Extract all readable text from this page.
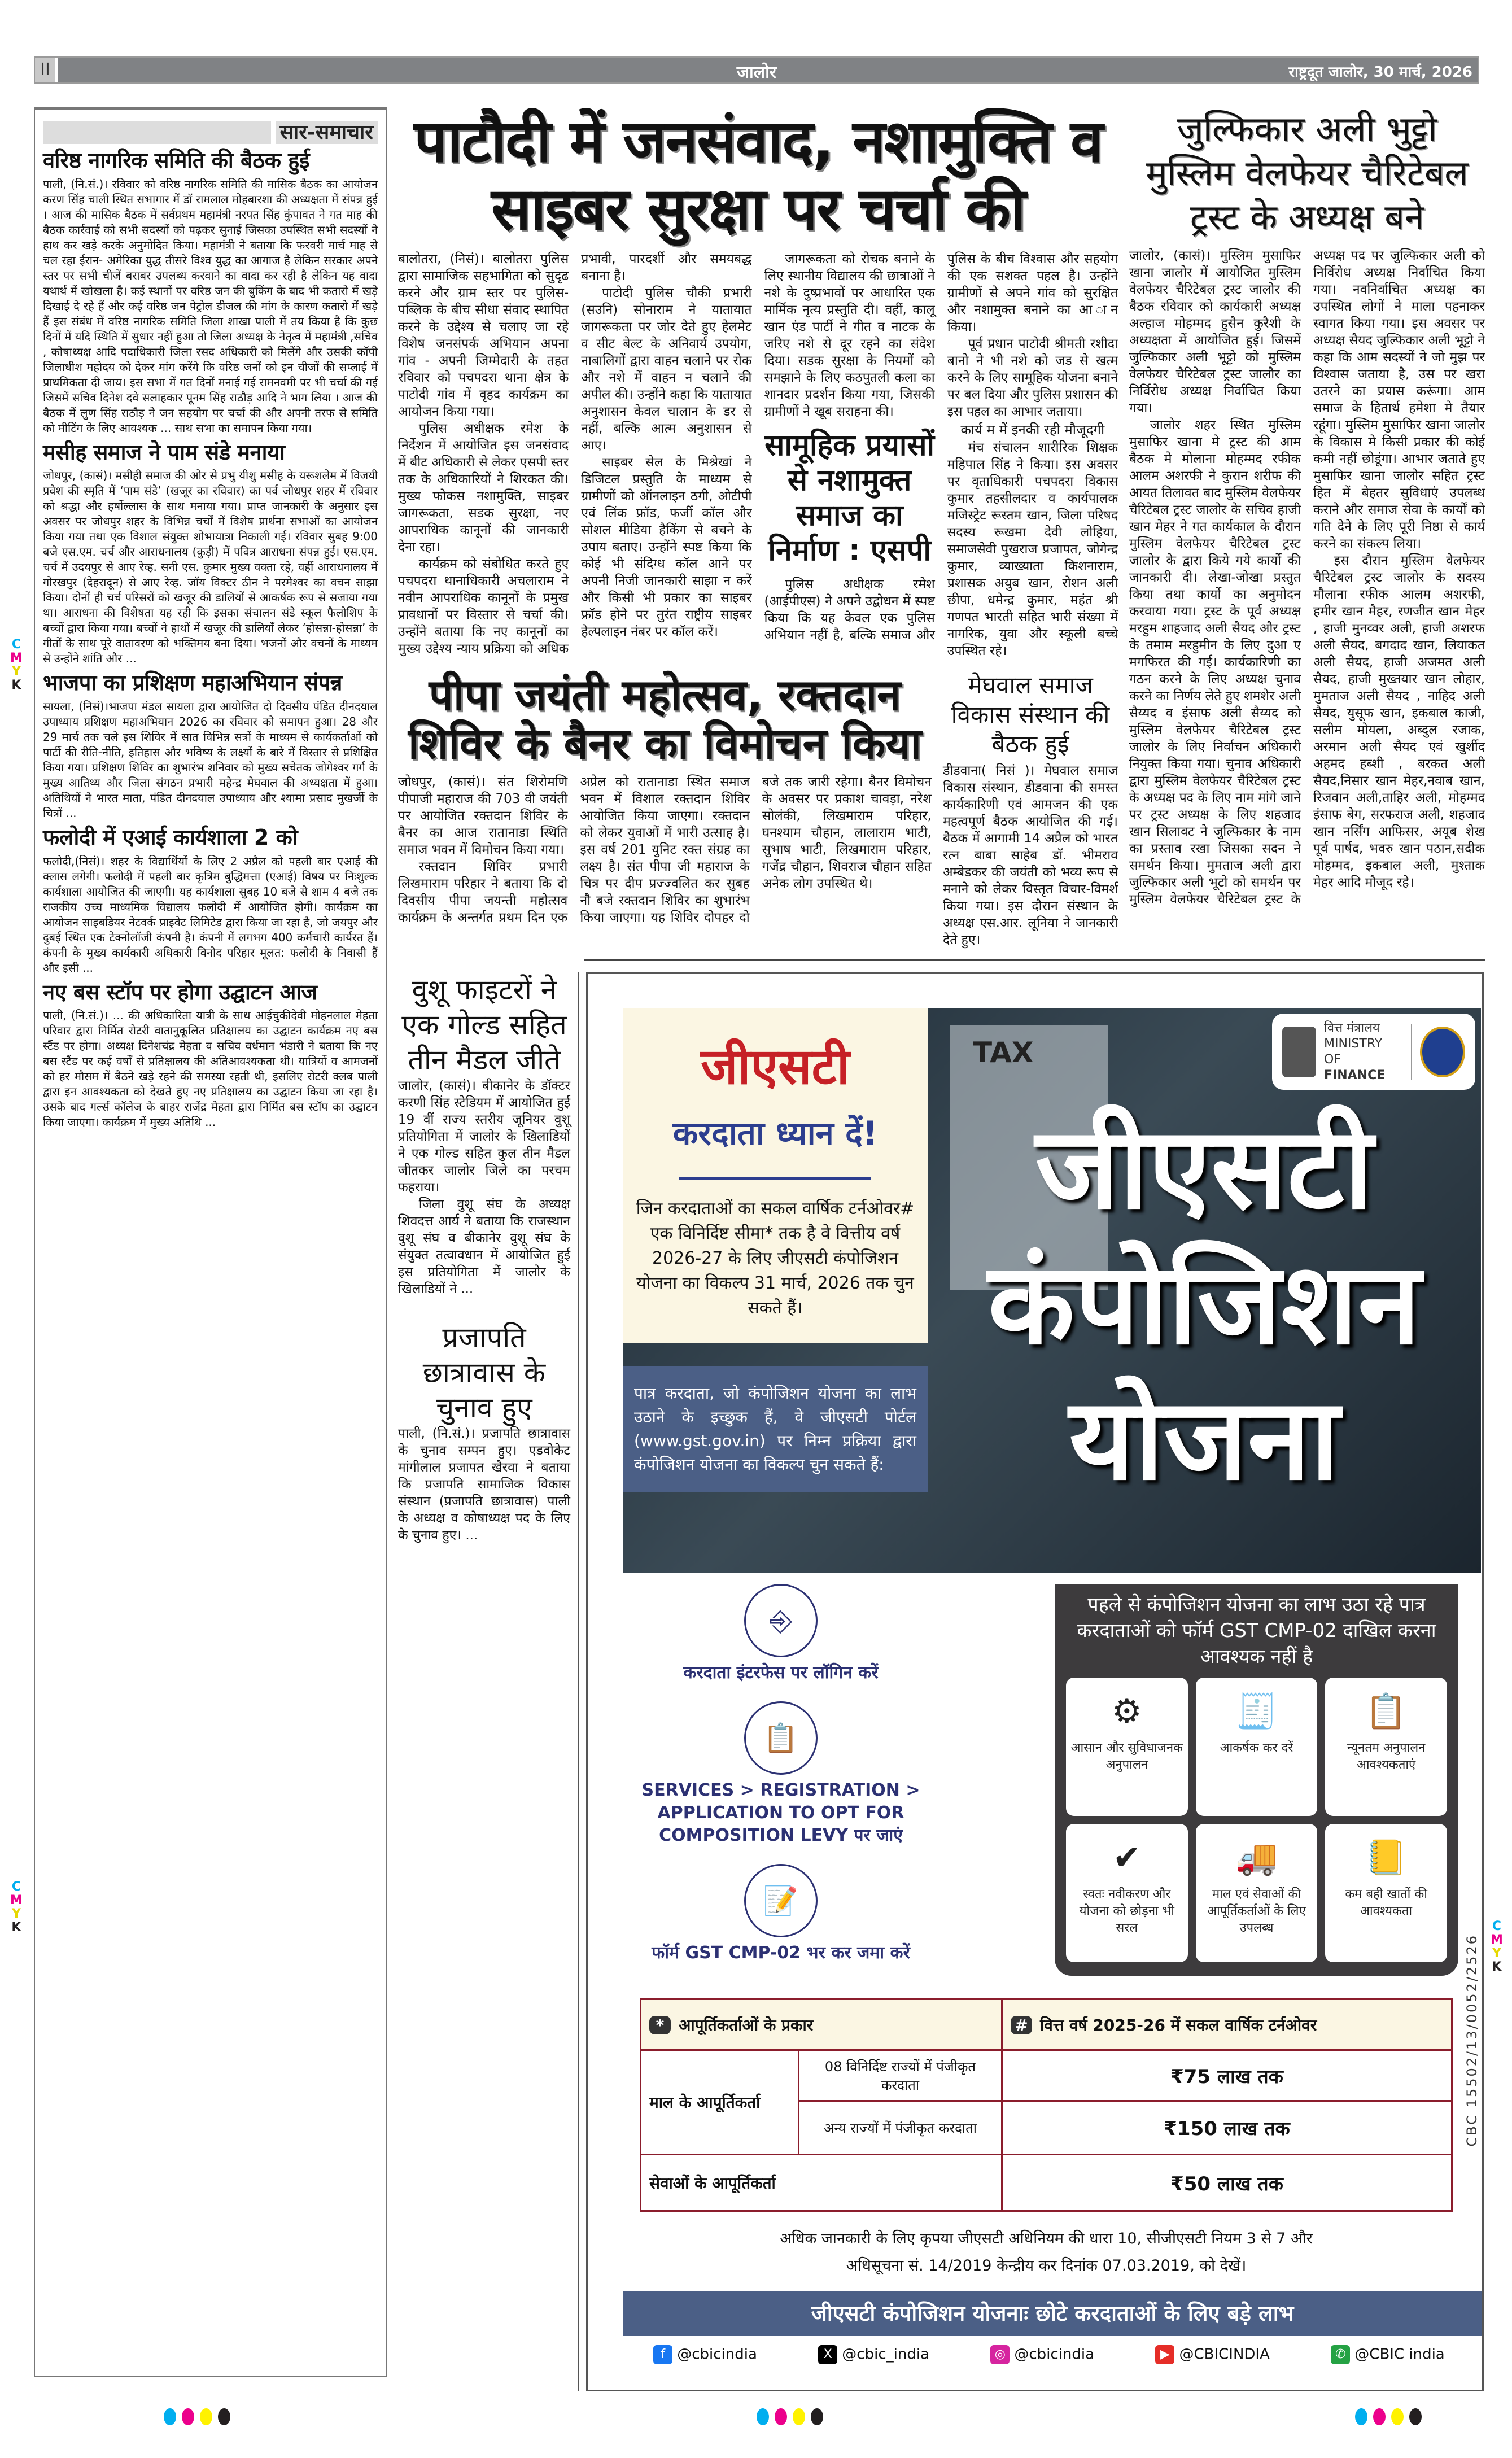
II	जालोर	राष्ट्रदूत जालोर, 30 मार्च, 2026
सार-समाचार
वरिष्ठ नागरिक समिति की बैठक हुई

पाली, (नि.सं.)। रविवार को वरिष्ठ नागरिक समिति की मासिक बैठक का आयोजन करण सिंह चाली स्थित सभागार में डॉ रामलाल मोहबारशा की अध्यक्षता में संपन्न हुई । आज की मासिक बैठक में सर्वप्रथम महामंत्री नरपत सिंह कुंपावत ने गत माह की बैठक कार्रवाई को सभी सदस्यों को पढ़कर सुनाई जिसका उपस्थित सभी सदस्यों ने हाथ कर खड़े करके अनुमोदित किया। महामंत्री ने बताया कि फरवरी मार्च माह से चल रहा ईरान- अमेरिका युद्ध तीसरे विश्व युद्ध का आगाज है लेकिन सरकार अपने स्तर पर सभी चीजें बराबर उपलब्ध करवाने का वादा कर रही है लेकिन यह वादा यथार्थ में खोखला है। कई स्थानों पर वरिष्ठ जन की बुकिंग के बाद भी कतारो में खड़े दिखाई दे रहे हैं और कई वरिष्ठ जन पेट्रोल डीजल की मांग के कारण कतारो में खड़े हैं इस संबंध में वरिष्ठ नागरिक समिति जिला शाखा पाली में तय किया है कि कुछ दिनों में यदि स्थिति में सुधार नहीं हुआ तो जिला अध्यक्ष के नेतृत्व में महामंत्री ,सचिव , कोषाध्यक्ष आदि पदाधिकारी जिला रसद अधिकारी को मिलेंगे और उसकी कॉपी जिलाधीश महोदय को देकर मांग करेंगे कि वरिष्ठ जनों को इन चीजों की सप्लाई में प्राथमिकता दी जाय। इस सभा में गत दिनों मनाई गई रामनवमी पर भी चर्चा की गई जिसमें सचिव दिनेश दवे सलाहकार पूनम सिंह राठौड़ आदि ने भाग लिया । आज की बैठक में लुण सिंह राठौड़ ने जन सहयोग पर चर्चा की और अपनी तरफ से समिति को मीटिंग के लिए आवश्यक ... साथ सभा का समापन किया गया।

मसीह समाज ने पाम संडे मनाया

जोधपुर, (कासं)। मसीही समाज की ओर से प्रभु यीशु मसीह के यरूशलेम में विजयी प्रवेश की स्मृति में ‘पाम संडे’ (खजूर का रविवार) का पर्व जोधपुर शहर में रविवार को श्रद्धा और हर्षोल्लास के साथ मनाया गया। प्राप्त जानकारी के अनुसार इस अवसर पर जोधपुर शहर के विभिन्न चर्चों में विशेष प्रार्थना सभाओं का आयोजन किया गया तथा एक विशाल संयुक्त शोभायात्रा निकाली गई। रविवार सुबह 9:00 बजे एस.एम. चर्च और आराधनालय (कुड़ी) में पवित्र आराधना संपन्न हुई। एस.एम. चर्च में उदयपुर से आए रेव्ह. सनी एस. कुमार मुख्य वक्ता रहे, वहीं आराधनालय में गोरखपुर (देहरादून) से आए रेव्ह. जॉय विक्टर ठीन ने परमेश्वर का वचन साझा किया। दोनों ही चर्च परिसरों को खजूर की डालियों से आकर्षक रूप से सजाया गया था। आराधना की विशेषता यह रही कि इसका संचालन संडे स्कूल फैलोशिप के बच्चों द्वारा किया गया। बच्चों ने हाथों में खजूर की डालियाँ लेकर ‘होसन्ना-होसन्ना’ के गीतों के साथ पूरे वातावरण को भक्तिमय बना दिया। भजनों और वचनों के माध्यम से उन्होंने शांति और ...

भाजपा का प्रशिक्षण महाअभियान संपन्न

सायला, (निसं)।भाजपा मंडल सायला द्वारा आयोजित दो दिवसीय पंडित दीनदयाल उपाध्याय प्रशिक्षण महाअभियान 2026 का रविवार को समापन हुआ। 28 और 29 मार्च तक चले इस शिविर में सात विभिन्न सत्रों के माध्यम से कार्यकर्ताओं को पार्टी की रीति-नीति, इतिहास और भविष्य के लक्ष्यों के बारे में विस्तार से प्रशिक्षित किया गया। प्रशिक्षण शिविर का शुभारंभ शनिवार को मुख्य सचेतक जोगेश्वर गर्ग के मुख्य आतिथ्य और जिला संगठन प्रभारी महेन्द्र मेघवाल की अध्यक्षता में हुआ। अतिथियों ने भारत माता, पंडित दीनदयाल उपाध्याय और श्यामा प्रसाद मुखर्जी के चित्रों ...

फलोदी में एआई कार्यशाला 2 को

फलोदी,(निसं)। शहर के विद्यार्थियों के लिए 2 अप्रैल को पहली बार एआई की क्लास लगेगी। फलोदी में पहली बार कृत्रिम बुद्धिमत्ता (एआई) विषय पर निःशुल्क कार्यशाला आयोजित की जाएगी। यह कार्यशाला सुबह 10 बजे से शाम 4 बजे तक राजकीय उच्च माध्यमिक विद्यालय फलोदी में आयोजित होगी। कार्यक्रम का आयोजन साइबडियर नेटवर्क प्राइवेट लिमिटेड द्वारा किया जा रहा है, जो जयपुर और दुबई स्थित एक टेक्नोलॉजी कंपनी है। कंपनी में लगभग 400 कर्मचारी कार्यरत हैं। कंपनी के मुख्य कार्यकारी अधिकारी विनोद परिहार मूलत: फलोदी के निवासी हैं और इसी ...

नए बस स्टॉप पर होगा उद्घाटन आज

पाली, (नि.सं.)। ... की अधिकारिता यात्री के साथ आईचुकीदेवी मोहनलाल मेहता परिवार द्वारा निर्मित रोटरी वातानुकूलित प्रतिक्षालय का उद्घाटन कार्यक्रम नए बस स्टैंड पर होगा। अध्यक्ष दिनेशचंद्र मेहता व सचिव वर्धमान भंडारी ने बताया कि नए बस स्टैंड पर कई वर्षों से प्रतिक्षालय की अतिआवश्यकता थी। यात्रियों व आमजनों को हर मौसम में बैठने खड़े रहने की समस्या रहती थी, इसलिए रोटरी क्लब पाली द्वारा इन आवश्यकता को देखते हुए नए प्रतिक्षालय का उद्घाटन किया जा रहा है। उसके बाद गर्ल्स कॉलेज के बाहर राजेंद्र मेहता द्वारा निर्मित बस स्टॉप का उद्घाटन किया जाएगा। कार्यक्रम में मुख्य अतिथि ...

पाटौदी में जनसंवाद, नशामुक्ति व साइबर सुरक्षा पर चर्चा की

बालोतरा, (निसं)। बालोतरा पुलिस द्वारा सामाजिक सहभागिता को सुदृढ करने और ग्राम स्तर पर पुलिस-पब्लिक के बीच सीधा संवाद स्थापित करने के उद्देश्य से चलाए जा रहे विशेष जनसंपर्क अभियान अपना गांव - अपनी जिम्मेदारी के तहत रविवार को पचपदरा थाना क्षेत्र के पाटोदी गांव में वृहद कार्यक्रम का आयोजन किया गया।

पुलिस अधीक्षक रमेश के निर्देशन में आयोजित इस जनसंवाद में बीट अधिकारी से लेकर एसपी स्तर तक के अधिकारियों ने शिरकत की। मुख्य फोकस नशामुक्ति, साइबर जागरूकता, सडक सुरक्षा, नए आपराधिक कानूनों की जानकारी देना रहा।

कार्यक्रम को संबोधित करते हुए पचपदरा थानाधिकारी अचलाराम ने नवीन आपराधिक कानूनों के प्रमुख प्रावधानों पर विस्तार से चर्चा की। उन्होंने बताया कि नए कानूनों का मुख्य उद्देश्य न्याय प्रक्रिया को अधिक प्रभावी, पारदर्शी और समयबद्ध बनाना है।

पाटोदी पुलिस चौकी प्रभारी (सउनि) सोनाराम ने यातायात जागरूकता पर जोर देते हुए हेलमेट व सीट बेल्ट के अनिवार्य उपयोग, नाबालिगों द्वारा वाहन चलाने पर रोक और नशे में वाहन न चलाने की अपील की। उन्होंने कहा कि यातायात अनुशासन केवल चालान के डर से नहीं, बल्कि आत्म अनुशासन से आए।

साइबर सेल के मिश्रेखां ने डिजिटल प्रस्तुति के माध्यम से ग्रामीणों को ऑनलाइन ठगी, ओटीपी एवं लिंक फ्रॉड, फर्जी कॉल और सोशल मीडिया हैकिंग से बचने के उपाय बताए। उन्होंने स्पष्ट किया कि कोई भी संदिग्ध कॉल आने पर अपनी निजी जानकारी साझा न करें और किसी भी प्रकार का साइबर फ्रॉड होने पर तुरंत राष्ट्रीय साइबर हेल्पलाइन नंबर पर कॉल करें।

जागरूकता को रोचक बनाने के लिए स्थानीय विद्यालय की छात्राओं ने नशे के दुष्प्रभावों पर आधारित एक मार्मिक नृत्य प्रस्तुति दी। वहीं, कालू खान एंड पार्टी ने गीत व नाटक के जरिए नशे से दूर रहने का संदेश दिया। सडक सुरक्षा के नियमों को समझाने के लिए कठपुतली कला का शानदार प्रदर्शन किया गया, जिसकी ग्रामीणों ने खूब सराहना की।

सामूहिक प्रयासों से नशामुक्त समाज का निर्माण : एसपी

पुलिस अधीक्षक रमेश (आईपीएस) ने अपने उद्बोधन में स्पष्ट किया कि यह केवल एक पुलिस अभियान नहीं है, बल्कि समाज और पुलिस के बीच विश्वास और सहयोग की एक सशक्त पहल है। उन्होंने ग्रामीणों से अपने गांव को सुरक्षित और नशामुक्त बनाने का आ ान किया।

पूर्व प्रधान पाटोदी श्रीमती रशीदा बानो ने भी नशे को जड से खत्म करने के लिए सामूहिक योजना बनाने पर बल दिया और पुलिस प्रशासन की इस पहल का आभार जताया।

कार्य म में इनकी रही मौजूदगी

मंच संचालन शारीरिक शिक्षक महिपाल सिंह ने किया। इस अवसर पर वृताधिकारी पचपदरा विकास कुमार तहसीलदार व कार्यपालक मजिस्ट्रेट रूस्तम खान, जिला परिषद सदस्य रूखमा देवी लोहिया, समाजसेवी पुखराज प्रजापत, जोगेन्द्र कुमार, व्याख्याता किशनाराम, प्रशासक अयुब खान, रोशन अली छीपा, धमेन्द्र कुमार, महंत श्री गणपत भारती सहित भारी संख्या में नागरिक, युवा और स्कूली बच्चे उपस्थित रहे।

जुल्फिकार अली भुट्टो मुस्लिम वेलफेयर चैरिटेबल ट्रस्ट के अध्यक्ष बने

जालोर, (कासं)। मुस्लिम मुसाफिर खाना जालोर में आयोजित मुस्लिम वेलफेयर चैरिटेबल ट्रस्ट जालोर की बैठक रविवार को कार्यकारी अध्यक्ष अल्हाज मोहम्मद हुसैन कुरैशी के अध्यक्षता में आयोजित हुई। जिसमें जुल्फिकार अली भूट्टो को मुस्लिम वेलफेयर चैरिटेबल ट्रस्ट जालौर का निर्विरोध अध्यक्ष निर्वाचित किया गया।

जालोर शहर स्थित मुस्लिम मुसाफिर खाना मे ट्रस्ट की आम बैठक मे मोलाना मोहम्मद रफीक आलम अशरफी ने कुरान शरीफ की आयत तिलावत बाद मुस्लिम वेलफेयर चैरिटेबल ट्रस्ट जालोर के सचिव हाजी खान मेहर ने गत कार्यकाल के दौरान मुस्लिम वेलफेयर चैरिटेबल ट्रस्ट जालोर के द्वारा किये गये कार्यो की जानकारी दी। लेखा-जोखा प्रस्तुत किया तथा कार्यो का अनुमोदन करवाया गया। ट्रस्ट के पूर्व अध्यक्ष मरहुम शाहजाद अली सैयद और ट्रस्ट के तमाम मरहुमीन के लिए दुआ ए मगफिरत की गई। कार्यकारिणी का गठन करने के लिए अध्यक्ष चुनाव करने का निर्णय लेते हुए शमशेर अली सैय्यद व इंसाफ अली सैय्यद को मुस्लिम वेलफेयर चैरिटेबल ट्रस्ट जालोर के लिए निर्वाचन अधिकारी नियुक्त किया गया। चुनाव अधिकारी द्वारा मुस्लिम वेलफेयर चैरिटेबल ट्रस्ट के अध्यक्ष पद के लिए नाम मांगे जाने पर ट्रस्ट अध्यक्ष के लिए शहजाद खान सिलावट ने जुल्फिकार के नाम का प्रस्ताव रखा जिसका सदन ने समर्थन किया। मुमताज अली द्वारा जुल्फिकार अली भूटो को समर्थन पर मुस्लिम वेलफेयर चैरिटेबल ट्रस्ट के अध्यक्ष पद पर जुल्फिकार अली को निर्विरोध अध्यक्ष निर्वाचित किया गया। नवनिर्वाचित अध्यक्ष का उपस्थित लोगों ने माला पहनाकर स्वागत किया गया। इस अवसर पर अध्यक्ष सैयद जुल्फिकार अली भूट्टो ने कहा कि आम सदस्यों ने जो मुझ पर विश्वास जताया है, उस पर खरा उतरने का प्रयास करूंगा। आम समाज के हितार्थ हमेशा मे तैयार रहूंगा। मुस्लिम मुसाफिर खाना जालोर के विकास मे किसी प्रकार की कोई कमी नहीं छोडूंगा। आभार जताते हुए मुसाफिर खाना जालोर सहित ट्रस्ट हित में बेहतर सुविधाएं उपलब्ध कराने और समाज सेवा के कार्यों को गति देने के लिए पूरी निष्ठा से कार्य करने का संकल्प लिया।

इस दौरान मुस्लिम वेलफेयर चैरिटेबल ट्रस्ट जालोर के सदस्य मौलाना रफीक आलम अशरफी, हमीर खान मैहर, रणजीत खान मेहर , हाजी मुनव्वर अली, हाजी अशरफ अली सैयद, बगदाद खान, लियाकत अली सैयद, हाजी अजमत अली सैयद, हाजी मुख्तयार खान लोहार, मुमताज अली सैयद , नाहिद अली सैयद, युसूफ खान, इकबाल काजी, सलीम मोयला, अब्दुल रजाक, अरमान अली सैयद एवं खुर्शीद अहमद हब्शी , बरकत अली सैयद,निसार खान मेहर,नवाब खान, रिजवान अली,ताहिर अली, मोहम्मद इंसाफ बेग, सरफराज अली, शहजाद खान नर्सिंग आफिसर, अयूब शेख पूर्व पार्षद, भवरु खान पठान,सदीक मोहम्मद, इकबाल अली, मुश्ताक मेहर आदि मौजूद रहे।

पीपा जयंती महोत्सव, रक्तदान शिविर के बैनर का विमोचन किया

जोधपुर, (कासं)। संत शिरोमणि पीपाजी महाराज की 703 वी जयंती पर आयोजित रक्तदान शिविर के बैनर का आज रातानाडा स्थिति समाज भवन में विमोचन किया गया।

रक्तदान शिविर प्रभारी लिखमाराम परिहार ने बताया कि दो दिवसीय पीपा जयन्ती महोत्सव कार्यक्रम के अन्तर्गत प्रथम दिन एक अप्रेल को रातानाडा स्थित समाज भवन में विशाल रक्तदान शिविर आयोजित किया जाएगा। रक्तदान को लेकर युवाओं में भारी उत्साह है। इस वर्ष 201 युनिट रक्त संग्रह का लक्ष्य है। संत पीपा जी महाराज के चित्र पर दीप प्रज्ज्वलित कर सुबह नौ बजे रक्तदान शिविर का शुभारंभ किया जाएगा। यह शिविर दोपहर दो बजे तक जारी रहेगा। बैनर विमोचन के अवसर पर प्रकाश चावड़ा, नरेश सोलंकी, लिखमाराम परिहार, घनश्याम चौहान, लालाराम भाटी, सुभाष भाटी, लिखमाराम परिहार, गजेंद्र चौहान, शिवराज चौहान सहित अनेक लोग उपस्थित थे।

मेघवाल समाज विकास संस्थान की बैठक हुई

डीडवाना( निसं )। मेघवाल समाज विकास संस्थान, डीडवाना की समस्त कार्यकारिणी एवं आमजन की एक महत्वपूर्ण बैठक आयोजित की गई। बैठक में आगामी 14 अप्रैल को भारत रत्न बाबा साहेब डॉ. भीमराव अम्बेडकर की जयंती को भव्य रूप से मनाने को लेकर विस्तृत विचार-विमर्श किया गया। इस दौरान संस्थान के अध्यक्ष एस.आर. लूनिया ने जानकारी देते हुए।

वुशू फाइटरों ने एक गोल्ड सहित तीन मैडल जीते

जालोर, (कासं)। बीकानेर के डॉक्टर करणी सिंह स्टेडियम में आयोजित हुई 19 वीं राज्य स्तरीय जूनियर वुशू प्रतियोगिता में जालोर के खिलाडियों ने एक गोल्ड सहित कुल तीन मैडल जीतकर जालोर जिले का परचम फहराया।

जिला वुशू संघ के अध्यक्ष शिवदत्त आर्य ने बताया कि राजस्थान वुशू संघ व बीकानेर वुशू संघ के संयुक्त तत्वावधान में आयोजित हुई इस प्रतियोगिता में जालोर के खिलाडियों ने ...

प्रजापति छात्रावास के चुनाव हुए

पाली, (नि.सं.)। प्रजापति छात्रावास के चुनाव सम्पन हुए। एडवोकेट मांगीलाल प्रजापत खैरवा ने बताया कि प्रजापति सामाजिक विकास संस्थान (प्रजापति छात्रावास) पाली के अध्यक्ष व कोषाध्यक्ष पद के लिए के चुनाव हुए। ...

जीएसटी
करदाता ध्यान दें!
जिन करदाताओं का सकल वार्षिक टर्नओवर# एक विनिर्दिष्ट सीमा* तक है वे वित्तीय वर्ष 2026-27 के लिए जीएसटी कंपोजिशन योजना का विकल्प 31 मार्च, 2026 तक चुन सकते हैं।
पात्र करदाता, जो कंपोजिशन योजना का लाभ उठाने के इच्छुक हैं, वे जीएसटी पोर्टल (www.gst.gov.in) पर निम्न प्रक्रिया द्वारा कंपोजिशन योजना का विकल्प चुन सकते हैं:
TAX
वित्त मंत्रालय
MINISTRY OF
FINANCE
जीएसटी कंपोजिशन योजना
⎆
करदाता इंटरफेस पर लॉगिन करें
📋
SERVICES > REGISTRATION > APPLICATION TO OPT FOR COMPOSITION LEVY पर जाएं
📝
फॉर्म GST CMP-02 भर कर जमा करें
पहले से कंपोजिशन योजना का लाभ उठा रहे पात्र करदाताओं को फॉर्म GST CMP-02 दाखिल करना आवश्यक नहीं है
⚙
आसान और सुविधाजनक अनुपालन
🧾
आकर्षक कर दरें
📋
न्यूनतम अनुपालन आवश्यकताएं
✔
स्वतः नवीकरण और योजना को छोड़ना भी सरल
🚚
माल एवं सेवाओं की आपूर्तिकर्ताओं के लिए उपलब्ध
📒
कम बही खातों की आवश्यकता
* आपूर्तिकर्ताओं के प्रकार		# वित्त वर्ष 2025-26 में सकल वार्षिक टर्नओवर
माल के आपूर्तिकर्ता	08 विनिर्दिष्ट राज्यों में पंजीकृत करदाता	₹75 लाख तक
	अन्य राज्यों में पंजीकृत करदाता	₹150 लाख तक
सेवाओं के आपूर्तिकर्ता		₹50 लाख तक
अधिक जानकारी के लिए कृपया जीएसटी अधिनियम की धारा 10, सीजीएसटी नियम 3 से 7 और
अधिसूचना सं. 14/2019 केन्द्रीय कर दिनांक 07.03.2019, को देखें।
जीएसटी कंपोजिशन योजनाः छोटे करदाताओं के लिए बड़े लाभ
f @cbicindia	X @cbic_india	◎ @cbicindia	▶ @CBICINDIA	✆ @CBIC india
CBC 15502/13/0052/2526
C
M
Y
K
C
M
Y
K
C
M
Y
K
